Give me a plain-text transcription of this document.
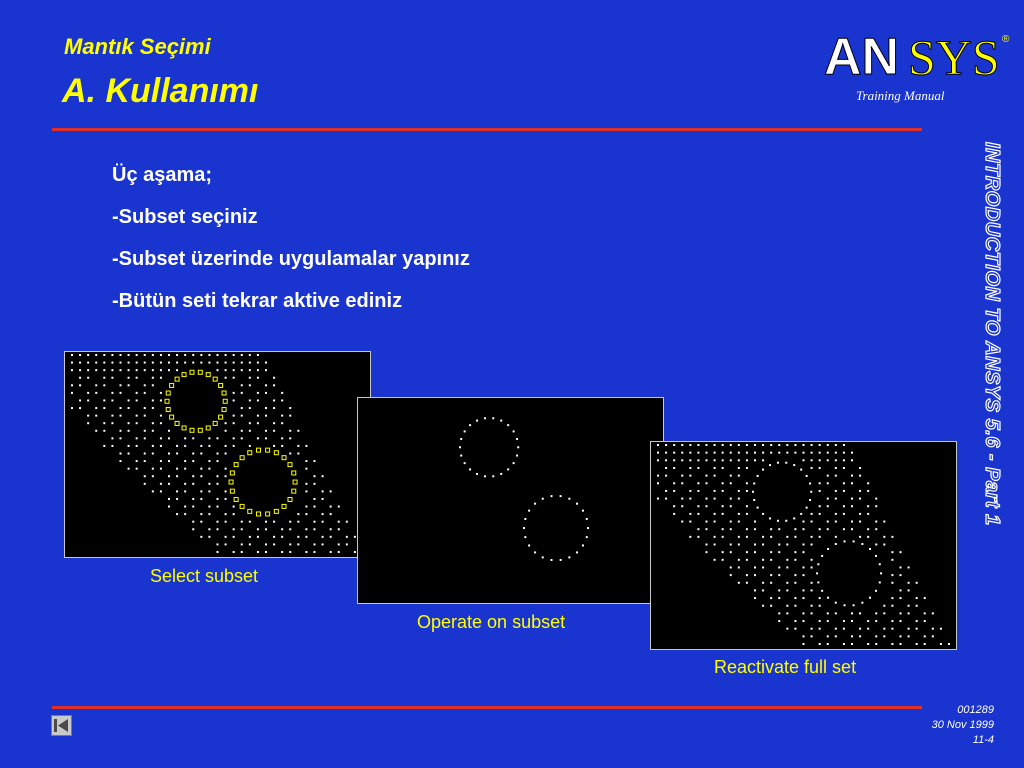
Mantık Seçimi
A. Kullanımı
AN SYS ®
Training Manual
Üç aşama;
-Subset seçiniz
-Subset üzerinde uygulamalar yapınız
-Bütün seti tekrar aktive ediniz
Select subset
Operate on subset
Reactivate full set
INTRODUCTION TO ANSYS 5.6 - Part 1
001289
30 Nov 1999
11-4
